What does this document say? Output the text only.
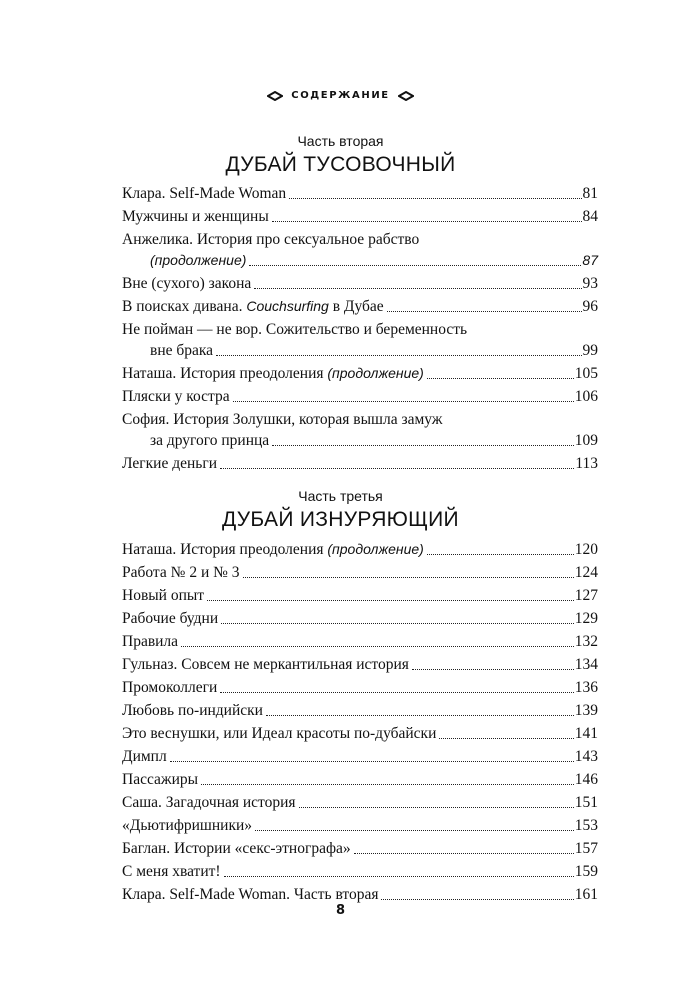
СОДЕРЖАНИЕ
Часть вторая
ДУБАЙ ТУСОВОЧНЫЙ
Клара. Self-Made Woman	81
Мужчины и женщины	84
Анжелика. История про сексуальное рабство
(продолжение)	87
Вне (сухого) закона	93
В поисках дивана. Couchsurfing в Дубае	96
Не пойман — не вор. Сожительство и беременность
вне брака	99
Наташа. История преодоления (продолжение)	105
Пляски у костра	106
София. История Золушки, которая вышла замуж
за другого принца	109
Легкие деньги	113
Часть третья
ДУБАЙ ИЗНУРЯЮЩИЙ
Наташа. История преодоления (продолжение)	120
Работа № 2 и № 3	124
Новый опыт	127
Рабочие будни	129
Правила	132
Гульназ. Совсем не меркантильная история	134
Промоколлеги	136
Любовь по-индийски	139
Это веснушки, или Идеал красоты по-дубайски	141
Димпл	143
Пассажиры	146
Саша. Загадочная история	151
«Дьютифришники»	153
Баглан. Истории «секс-этнографа»	157
С меня хватит!	159
Клара. Self-Made Woman. Часть вторая	161
8
